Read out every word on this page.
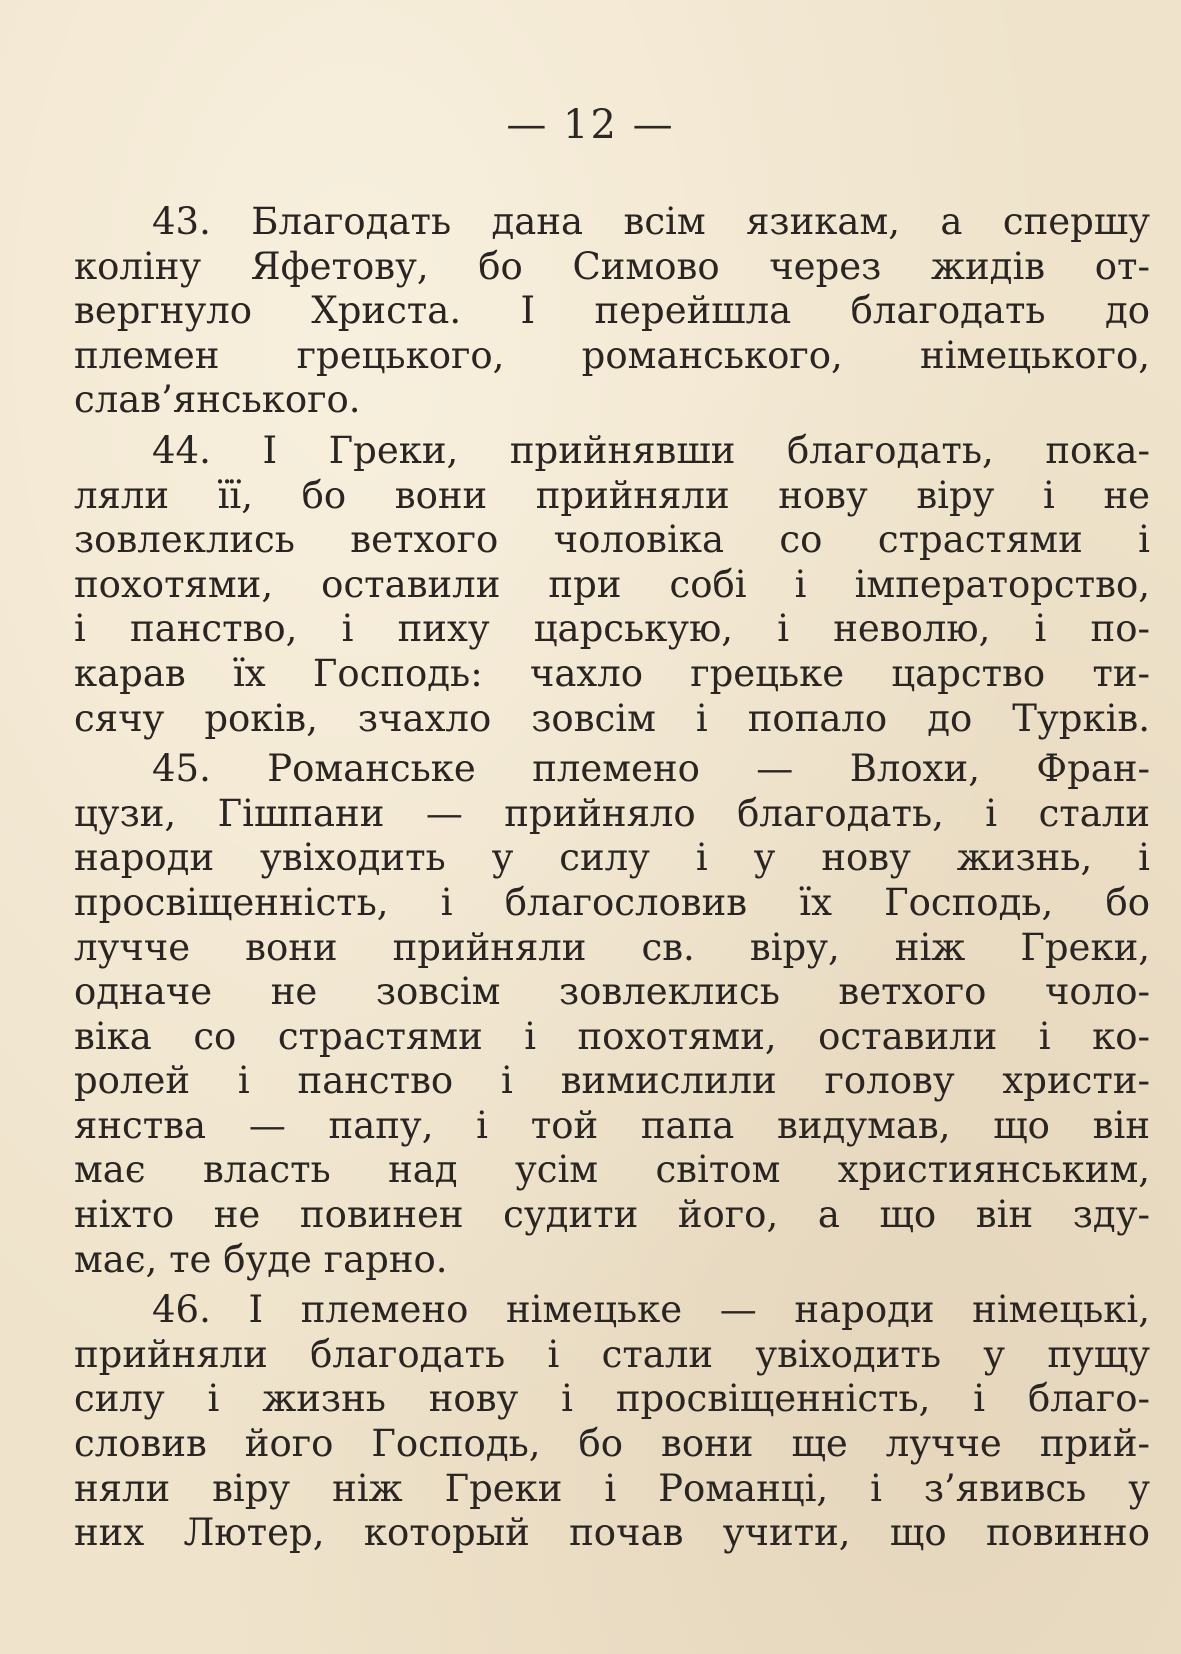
— 12 —
43. Благодать дана всім язикам, а спершу
коліну Яфетову, бо Симово через жидів от-
вергнуло Христа. І перейшла благодать до
племен грецького, романського, німецького,
слав’янського.
44. І Греки, прийнявши благодать, пока-
ляли її, бо вони прийняли нову віру і не
зовлеклись ветхого чоловіка со страстями і
похотями, оставили при собі і імператорство,
і панство, і пиху царськую, і неволю, і по-
карав їх Господь: чахло грецьке царство ти-
сячу років, зчахло зовсім і попало до Турків.
45. Романське племено — Влохи, Фран-
цузи, Гішпани — прийняло благодать, і стали
народи увіходить у силу і у нову жизнь, і
просвіщенність, і благословив їх Господь, бо
лучче вони прийняли св. віру, ніж Греки,
одначе не зовсім зовлеклись ветхого чоло-
віка со страстями і похотями, оставили і ко-
ролей і панство і вимислили голову христи-
янства — папу, і той папа видумав, що він
має власть над усім світом християнським,
ніхто не повинен судити його, а що він зду-
має, те буде гарно.
46. І племено німецьке — народи німецькі,
прийняли благодать і стали увіходить у пущу
силу і жизнь нову і просвіщенність, і благо-
словив його Господь, бо вони ще лучче прий-
няли віру ніж Греки і Романці, і з’явивсь у
них Лютер, который почав учити, що повинно
